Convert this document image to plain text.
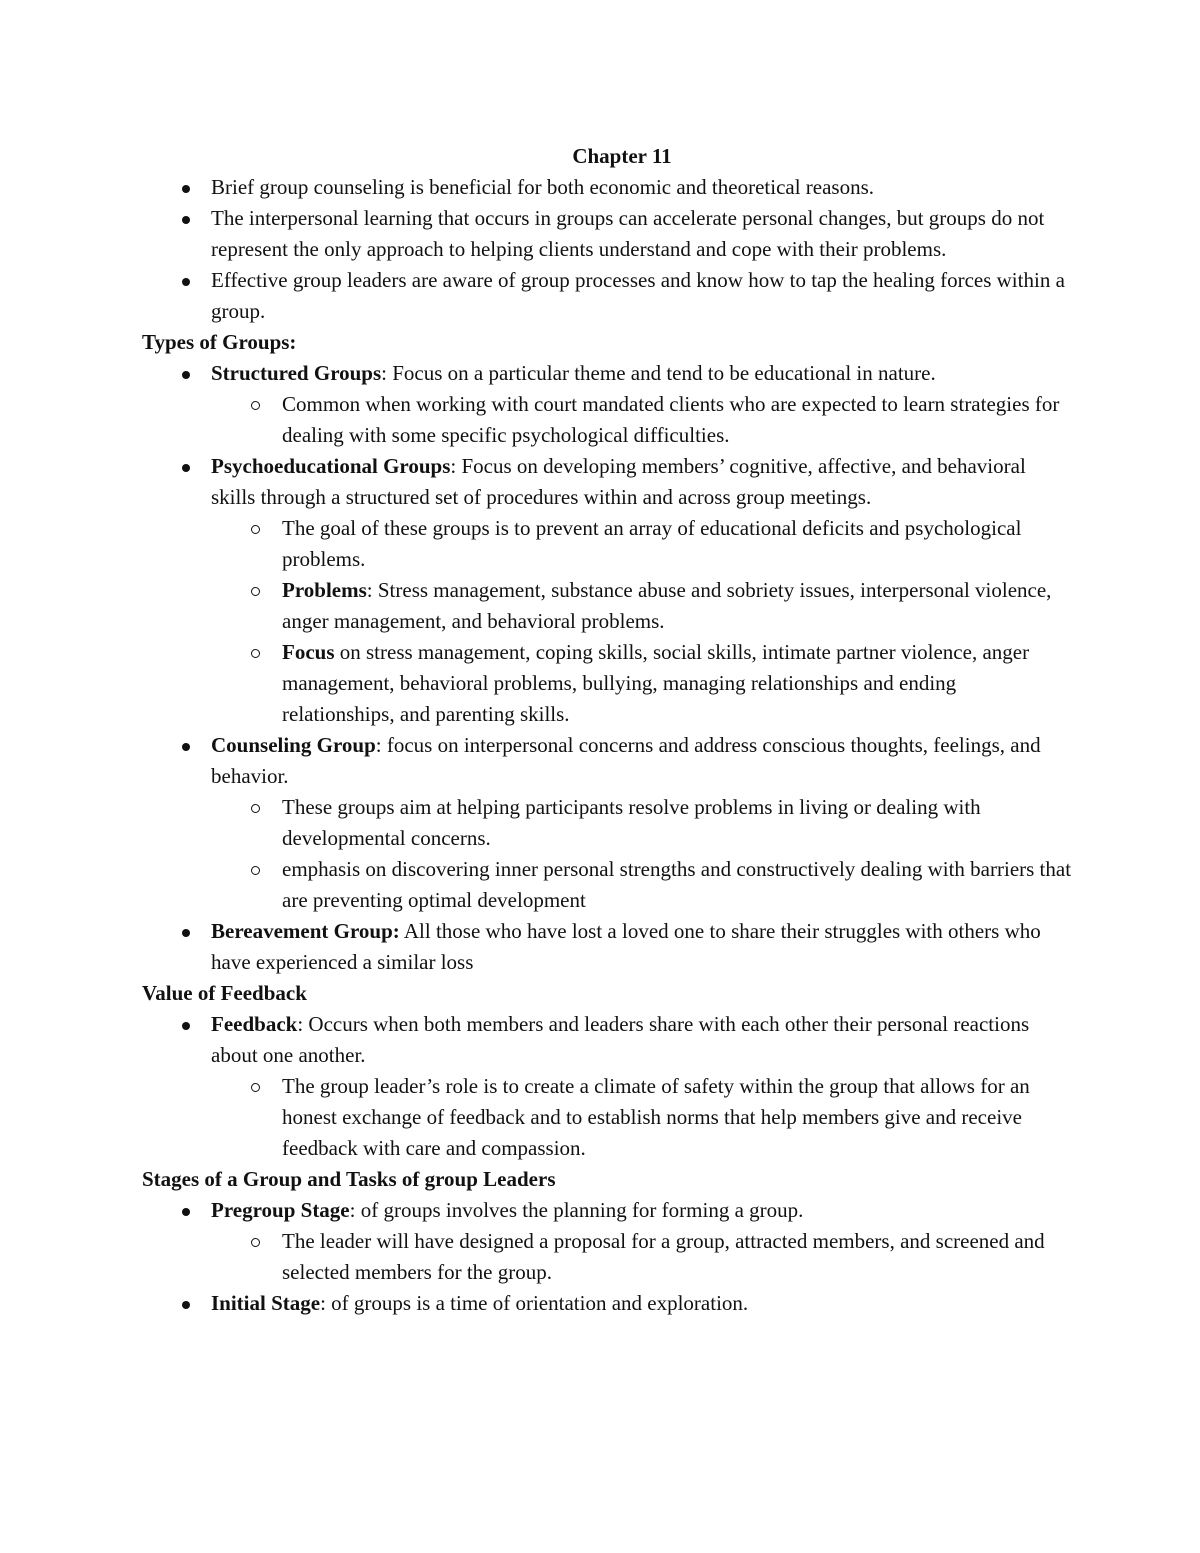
Chapter 11

Brief group counseling is beneficial for both economic and theoretical reasons.
The interpersonal learning that occurs in groups can accelerate personal changes, but groups do not represent the only approach to helping clients understand and cope with their problems.
Effective group leaders are aware of group processes and know how to tap the healing forces within a group.

Types of Groups:

Structured Groups: Focus on a particular theme and tend to be educational in nature.
Common when working with court mandated clients who are expected to learn strategies for dealing with some specific psychological difficulties.
Psychoeducational Groups: Focus on developing members’ cognitive, affective, and behavioral skills through a structured set of procedures within and across group meetings.
The goal of these groups is to prevent an array of educational deficits and psychological problems.
Problems: Stress management, substance abuse and sobriety issues, interpersonal violence, anger management, and behavioral problems.
Focus on stress management, coping skills, social skills, intimate partner violence, anger management, behavioral problems, bullying, managing relationships and ending relationships, and parenting skills.
Counseling Group: focus on interpersonal concerns and address conscious thoughts, feelings, and behavior.
These groups aim at helping participants resolve problems in living or dealing with developmental concerns.
emphasis on discovering inner personal strengths and constructively dealing with barriers that are preventing optimal development
Bereavement Group: All those who have lost a loved one to share their struggles with others who have experienced a similar loss

Value of Feedback

Feedback: Occurs when both members and leaders share with each other their personal reactions about one another.
The group leader’s role is to create a climate of safety within the group that allows for an honest exchange of feedback and to establish norms that help members give and receive feedback with care and compassion.

Stages of a Group and Tasks of group Leaders

Pregroup Stage: of groups involves the planning for forming a group.
The leader will have designed a proposal for a group, attracted members, and screened and selected members for the group.
Initial Stage: of groups is a time of orientation and exploration.
